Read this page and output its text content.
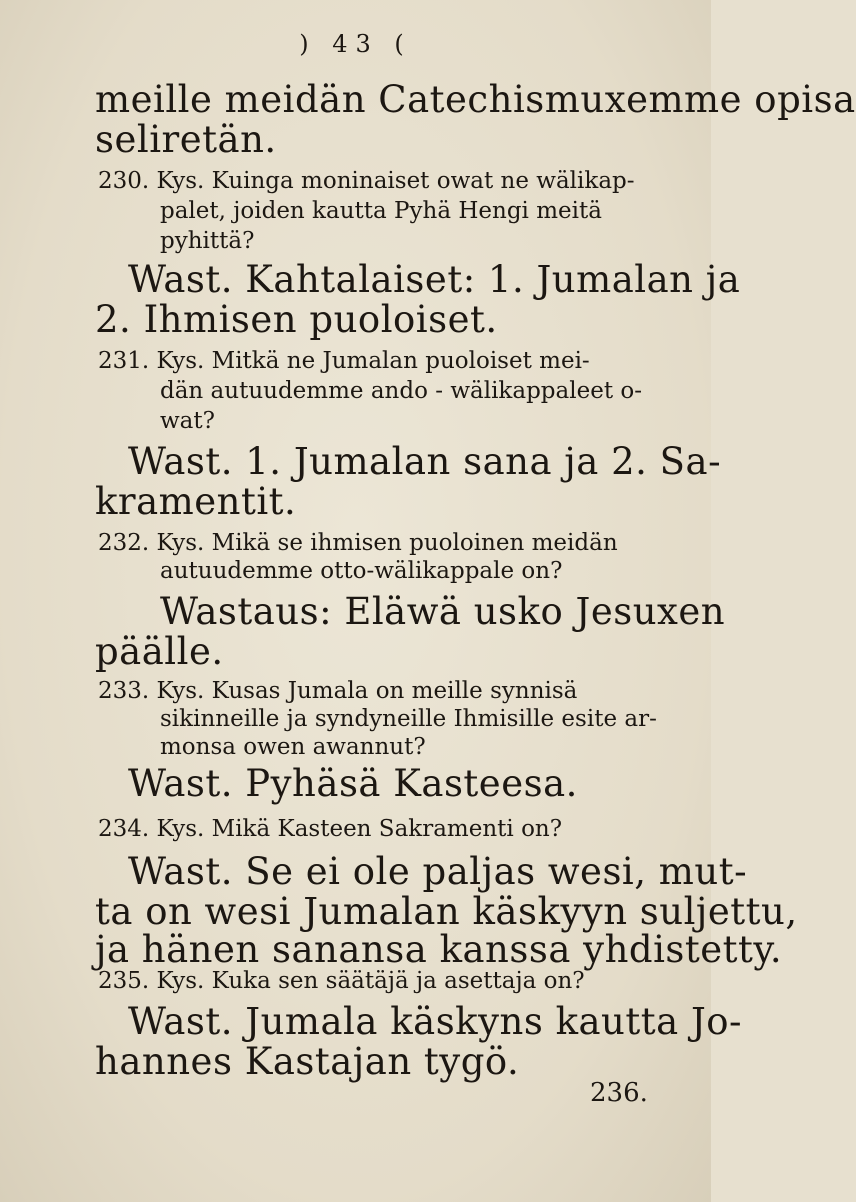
) 43 (
meille meidän Catechismuxemme opisa
seliretän.
230. Kys. Kuinga moninaiset owat ne wälikap-
palet, joiden kautta Pyhä Hengi meitä
pyhittä?
Wast. Kahtalaiset: 1. Jumalan ja
2. Ihmisen puoloiset.
231. Kys. Mitkä ne Jumalan puoloiset mei-
dän autuudemme ando - wälikappaleet o-
wat?
Wast. 1. Jumalan sana ja 2. Sa-
kramentit.
232. Kys. Mikä se ihmisen puoloinen meidän
autuudemme otto-wälikappale on?
Wastaus: Eläwä usko Jesuxen
päälle.
233. Kys. Kusas Jumala on meille synnisä
sikinneille ja syndyneille Ihmisille esite ar-
monsa owen awannut?
Wast. Pyhäsä Kasteesa.
234. Kys. Mikä Kasteen Sakramenti on?
Wast. Se ei ole paljas wesi, mut-
ta on wesi Jumalan käskyyn suljettu,
ja hänen sanansa kanssa yhdistetty.
235. Kys. Kuka sen säätäjä ja asettaja on?
Wast. Jumala käskyns kautta Jo-
hannes Kastajan tygö.
236.
